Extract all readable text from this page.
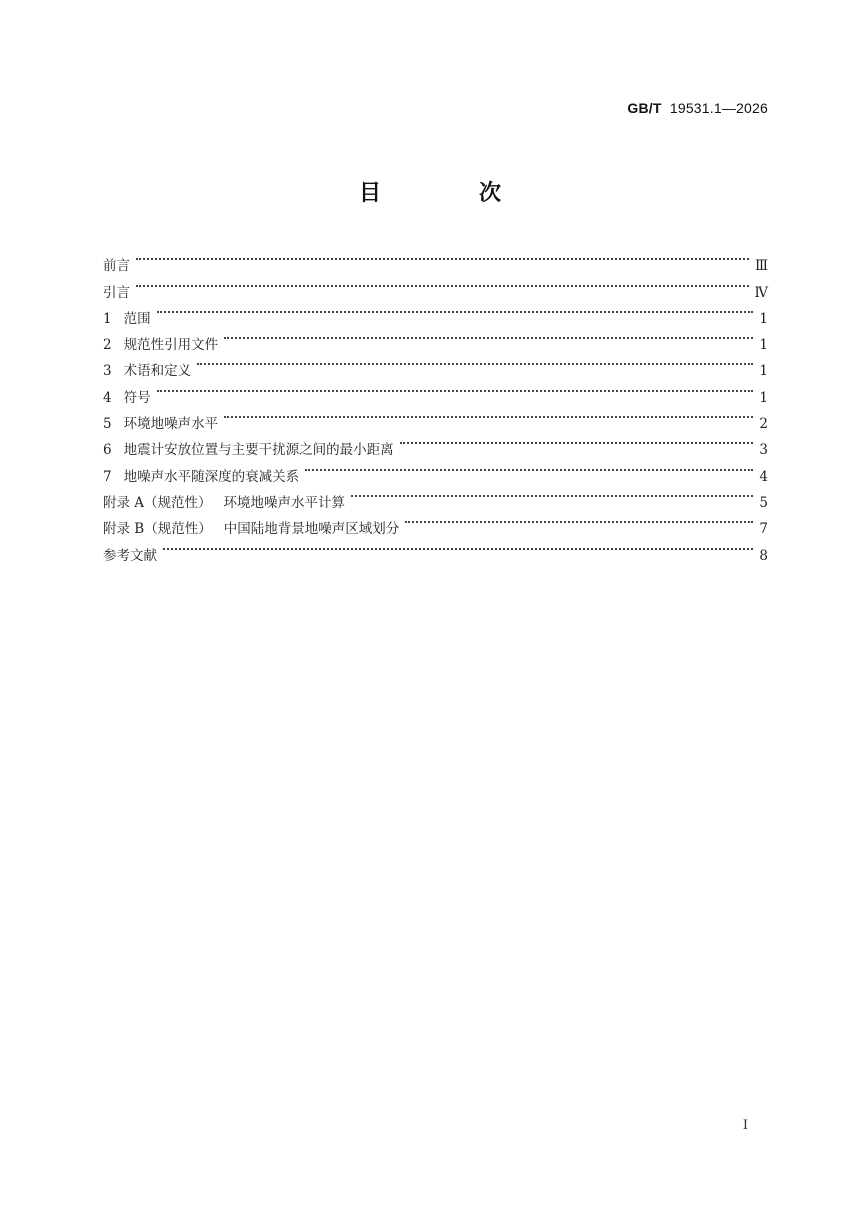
GB/T 19531.1—2026
目　次
前言	Ⅲ
引言	Ⅳ
1 范围	1
2 规范性引用文件	1
3 术语和定义	1
4 符号	1
5 环境地噪声水平	2
6 地震计安放位置与主要干扰源之间的最小距离	3
7 地噪声水平随深度的衰减关系	4
附录 A（规范性） 环境地噪声水平计算	5
附录 B（规范性） 中国陆地背景地噪声区域划分	7
参考文献	8
Ⅰ
